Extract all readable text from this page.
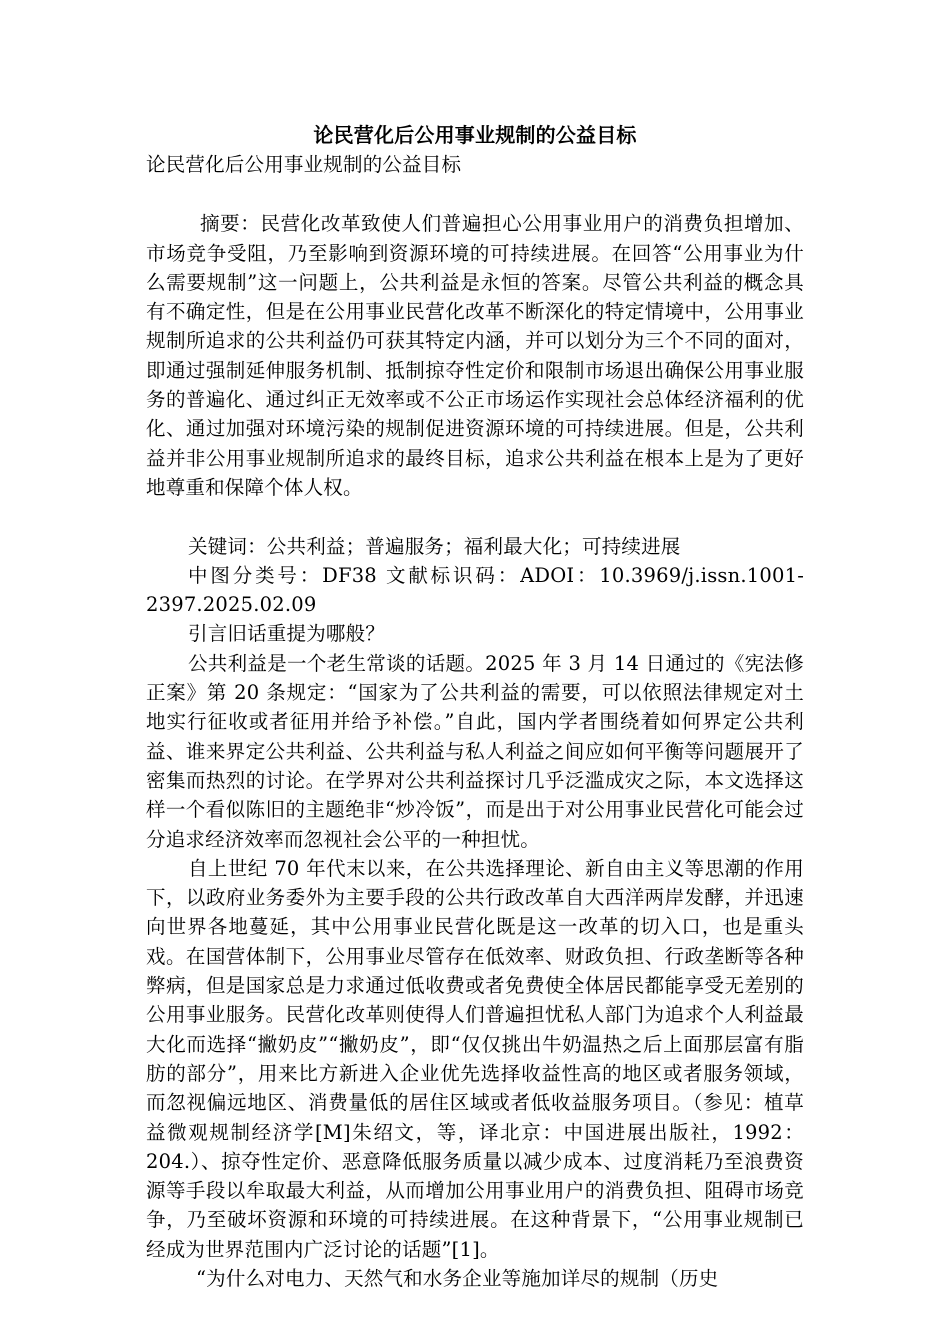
论民营化后公用事业规制的公益目标
论民营化后公用事业规制的公益目标

摘要：民营化改革致使人们普遍担心公用事业用户的消费负担增加、市场竞争受阻，乃至影响到资源环境的可持续进展。在回答“公用事业为什么需要规制”这一问题上，公共利益是永恒的答案。尽管公共利益的概念具有不确定性，但是在公用事业民营化改革不断深化的特定情境中，公用事业规制所追求的公共利益仍可获其特定内涵，并可以划分为三个不同的面对，即通过强制延伸服务机制、抵制掠夺性定价和限制市场退出确保公用事业服务的普遍化、通过纠正无效率或不公正市场运作实现社会总体经济福利的优化、通过加强对环境污染的规制促进资源环境的可持续进展。但是，公共利益并非公用事业规制所追求的最终目标，追求公共利益在根本上是为了更好地尊重和保障个体人权。

关键词：公共利益；普遍服务；福利最大化；可持续进展

中图分类号：DF38 文献标识码：ADOI：10.3969/j.issn.1001-2397.2025.02.09

引言旧话重提为哪般？

公共利益是一个老生常谈的话题。2025 年 3 月 14 日通过的《宪法修正案》第 20 条规定：“国家为了公共利益的需要，可以依照法律规定对土地实行征收或者征用并给予补偿。”自此，国内学者围绕着如何界定公共利益、谁来界定公共利益、公共利益与私人利益之间应如何平衡等问题展开了密集而热烈的讨论。在学界对公共利益探讨几乎泛滥成灾之际，本文选择这样一个看似陈旧的主题绝非“炒冷饭”，而是出于对公用事业民营化可能会过分追求经济效率而忽视社会公平的一种担忧。

自上世纪 70 年代末以来，在公共选择理论、新自由主义等思潮的作用下，以政府业务委外为主要手段的公共行政改革自大西洋两岸发酵，并迅速向世界各地蔓延，其中公用事业民营化既是这一改革的切入口，也是重头戏。在国营体制下，公用事业尽管存在低效率、财政负担、行政垄断等各种弊病，但是国家总是力求通过低收费或者免费使全体居民都能享受无差别的公用事业服务。民营化改革则使得人们普遍担忧私人部门为追求个人利益最大化而选择“撇奶皮”“撇奶皮”，即“仅仅挑出牛奶温热之后上面那层富有脂肪的部分”，用来比方新进入企业优先选择收益性高的地区或者服务领域，而忽视偏远地区、消费量低的居住区域或者低收益服务项目。（参见：植草益微观规制经济学[M]朱绍文，等，译北京：中国进展出版社，1992：204.）、掠夺性定价、恶意降低服务质量以减少成本、过度消耗乃至浪费资源等手段以牟取最大利益，从而增加公用事业用户的消费负担、阻碍市场竞争，乃至破坏资源和环境的可持续进展。在这种背景下，“公用事业规制已经成为世界范围内广泛讨论的话题”[1]。

“为什么对电力、天然气和水务企业等施加详尽的规制（历史
